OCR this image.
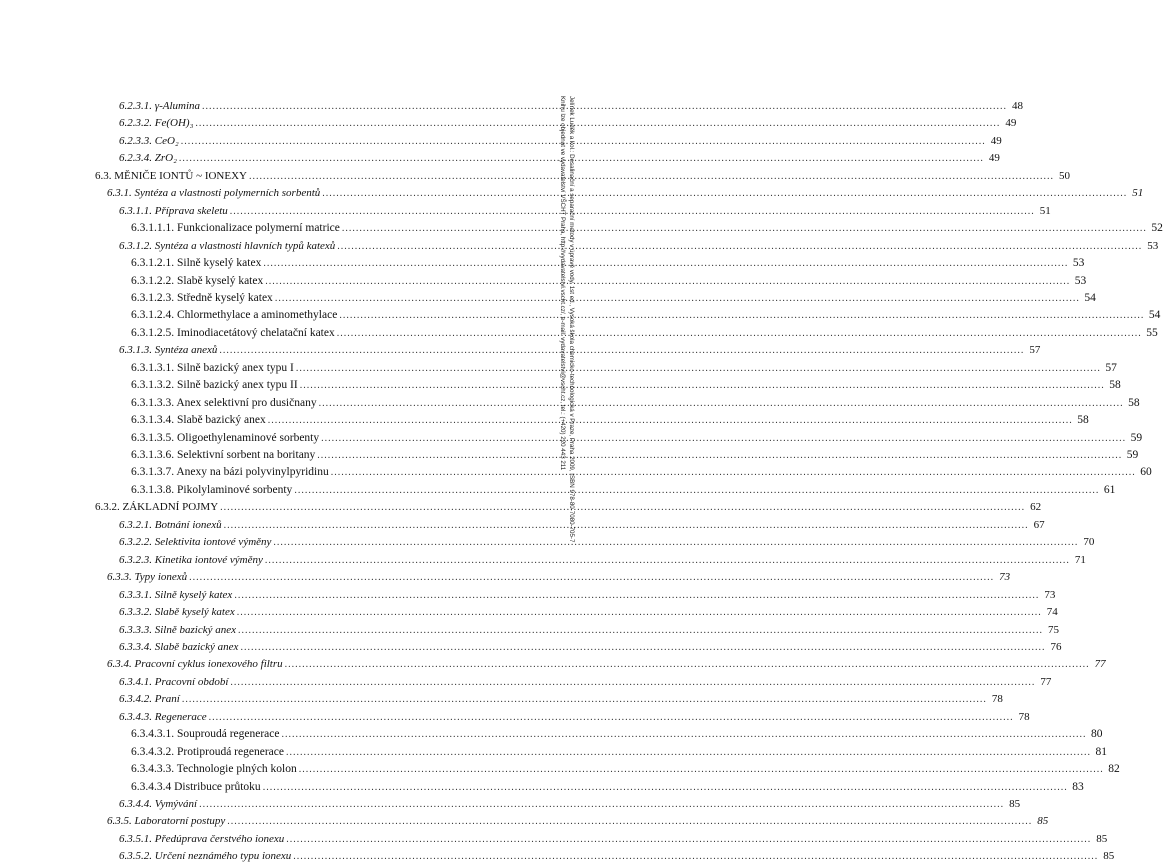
6.2.3.1. γ-Alumina .....	48
6.2.3.2. Fe(OH)₃ .....	49
6.2.3.3. CeO₂ .....	49
6.2.3.4. ZrO₂ .....	49
6.3. MĚNIČE IONTŮ ~ IONEXY .....	50
6.3.1. Syntéza a vlastnosti polymerních sorbentů .....	51
6.3.1.1. Příprava skeletu .....	51
6.3.1.1.1. Funkcionalizace polymerní matrice .....	52
6.3.1.2. Syntéza a vlastnosti hlavních typů katexů .....	53
6.3.1.2.1. Silně kyselý katex .....	53
6.3.1.2.2. Slabě kyselý katex .....	53
6.3.1.2.3. Středně kyselý katex .....	54
6.3.1.2.4. Chlormethylace a aminomethylace .....	54
6.3.1.2.5. Iminodiacetátový chelatační katex .....	55
6.3.1.3. Syntéza anexů .....	57
6.3.1.3.1. Silně bazický anex typu I .....	57
6.3.1.3.2. Silně bazický anex typu II .....	58
6.3.1.3.3. Anex selektivní pro dusičnany .....	58
6.3.1.3.4. Slabě bazický anex .....	58
6.3.1.3.5. Oligoethylenaminové sorbenty .....	59
6.3.1.3.6. Selektivní sorbent na boritany .....	59
6.3.1.3.7. Anexy na bázi polyvinylpyridinu .....	60
6.3.1.3.8. Pikolylaminové sorbenty .....	61
6.3.2. ZÁKLADNÍ POJMY .....	62
6.3.2.1. Botnání ionexů .....	67
6.3.2.2. Selektivita iontové výměny .....	70
6.3.2.3. Kinetika iontové výměny .....	71
6.3.3. Typy ionexů .....	73
6.3.3.1. Silně kyselý katex .....	73
6.3.3.2. Slabě kyselý katex .....	74
6.3.3.3. Silně bazický anex .....	75
6.3.3.4. Slabě bazický anex .....	76
6.3.4. Pracovní cyklus ionexového filtru .....	77
6.3.4.1. Pracovní období .....	77
6.3.4.2. Praní .....	78
6.3.4.3. Regenerace .....	78
6.3.4.3.1. Souproudá regenerace .....	80
6.3.4.3.2. Protiproudá regenerace .....	81
6.3.4.3.3. Technologie plných kolon .....	82
6.3.4.3.4 Distribuce průtoku .....	83
6.3.4.4. Vymývání .....	85
6.3.5. Laboratorní postupy .....	85
6.3.5.1. Předúprava čerstvého ionexu .....	85
6.3.5.2. Určení neznámého typu ionexu .....	85
Jelínek Luděk a kol.: Desalinační a separační metody v úpravě vody, 1st ed., Vysoká škola chemicko-technologická v Praze, Praha 2009, ISBN 978-80-7080-705-7
Knihu lze objednat ve vydavatelství VŠCHT Praha, http://vydavatelstvi.vscht.cz/, e-mail: vydavatelstvi@vscht.cz, tel.: (+420) 220 443 211
